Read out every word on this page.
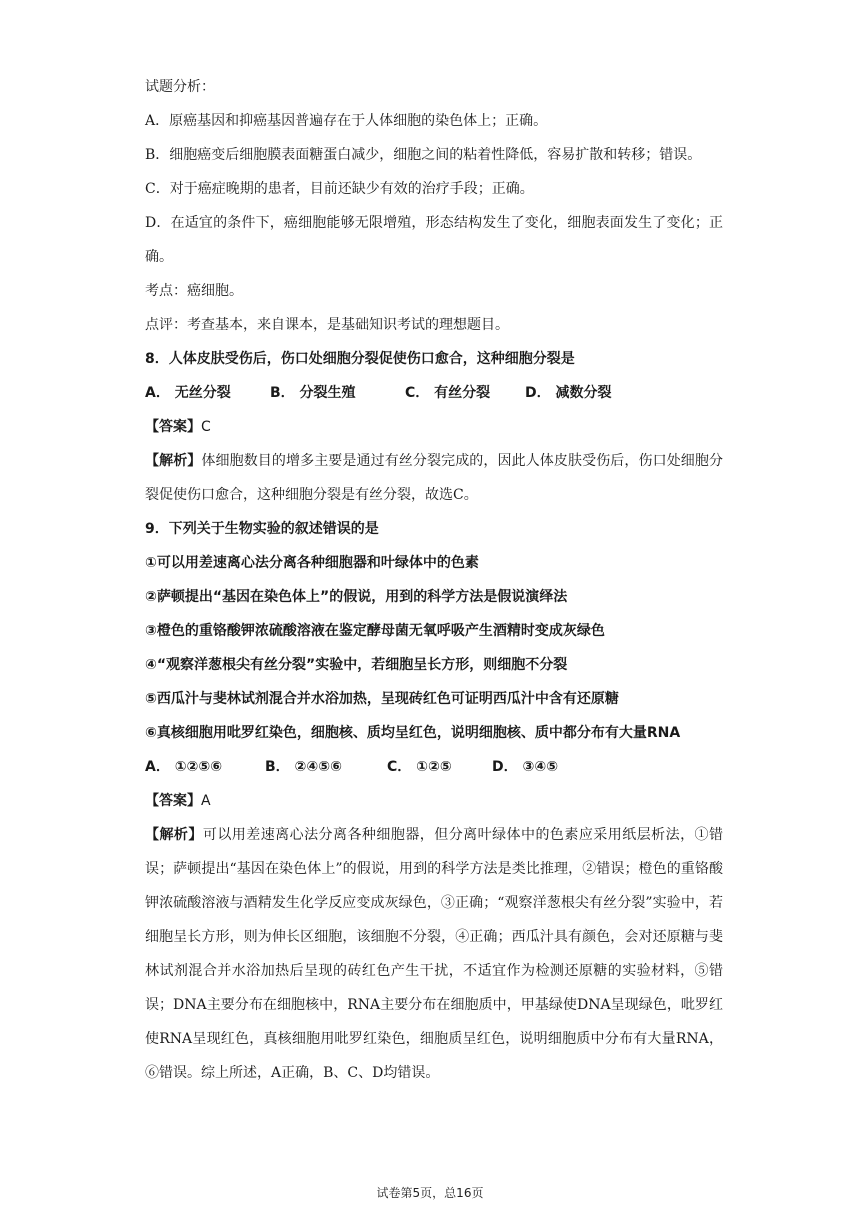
试题分析：
A．原癌基因和抑癌基因普遍存在于人体细胞的染色体上；正确。
B．细胞癌变后细胞膜表面糖蛋白减少，细胞之间的粘着性降低，容易扩散和转移；错误。
C．对于癌症晚期的患者，目前还缺少有效的治疗手段；正确。
D．在适宜的条件下，癌细胞能够无限增殖，形态结构发生了变化，细胞表面发生了变化；正确。
考点：癌细胞。
点评：考查基本，来自课本，是基础知识考试的理想题目。
8．人体皮肤受伤后，伤口处细胞分裂促使伤口愈合，这种细胞分裂是
A． 无丝分裂	B． 分裂生殖	C． 有丝分裂	D． 减数分裂
【答案】C
【解析】体细胞数目的增多主要是通过有丝分裂完成的，因此人体皮肤受伤后，伤口处细胞分裂促使伤口愈合，这种细胞分裂是有丝分裂，故选C。
9．下列关于生物实验的叙述错误的是
①可以用差速离心法分离各种细胞器和叶绿体中的色素
②萨顿提出“基因在染色体上”的假说，用到的科学方法是假说演绎法
③橙色的重铬酸钾浓硫酸溶液在鉴定酵母菌无氧呼吸产生酒精时变成灰绿色
④“观察洋葱根尖有丝分裂”实验中，若细胞呈长方形，则细胞不分裂
⑤西瓜汁与斐林试剂混合并水浴加热，呈现砖红色可证明西瓜汁中含有还原糖
⑥真核细胞用吡罗红染色，细胞核、质均呈红色，说明细胞核、质中都分布有大量RNA
A． ①②⑤⑥	B． ②④⑤⑥	C． ①②⑤	D． ③④⑤
【答案】A
【解析】可以用差速离心法分离各种细胞器，但分离叶绿体中的色素应采用纸层析法，①错误；萨顿提出“基因在染色体上”的假说，用到的科学方法是类比推理，②错误；橙色的重铬酸钾浓硫酸溶液与酒精发生化学反应变成灰绿色，③正确；“观察洋葱根尖有丝分裂”实验中，若细胞呈长方形，则为伸长区细胞，该细胞不分裂，④正确；西瓜汁具有颜色，会对还原糖与斐林试剂混合并水浴加热后呈现的砖红色产生干扰，不适宜作为检测还原糖的实验材料，⑤错误；DNA主要分布在细胞核中，RNA主要分布在细胞质中，甲基绿使DNA呈现绿色，吡罗红使RNA呈现红色，真核细胞用吡罗红染色，细胞质呈红色，说明细胞质中分布有大量RNA，⑥错误。综上所述，A正确，B、C、D均错误。
试卷第5页，总16页
